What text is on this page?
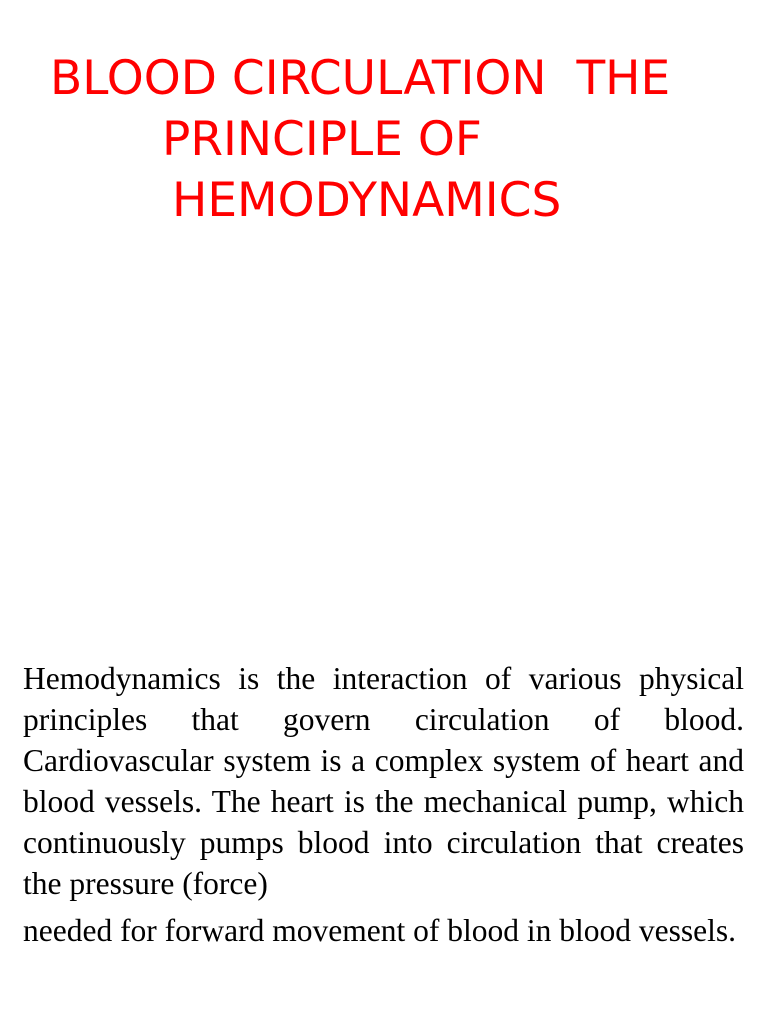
BLOOD CIRCULATION  THE
PRINCIPLE OF
HEMODYNAMICS

Hemodynamics is the interaction of various physical principles that govern circulation of blood. Cardiovascular system is a complex system of heart and blood vessels. The heart is the mechanical pump, which continuously pumps blood into circulation that creates the pressure (force)

needed for forward movement of blood in blood vessels.
